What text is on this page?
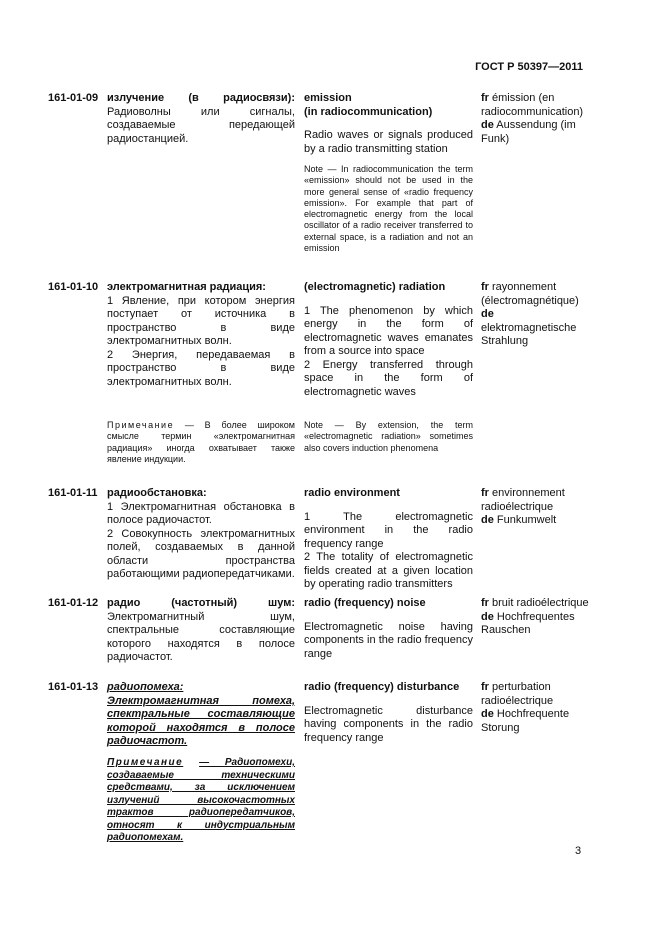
ГОСТ Р 50397—2011
161-01-09 излучение (в радиосвязи): Радиоволны или сигналы, создаваемые передающей радиостанцией.
emission
(in radiocommunication)
Radio waves or signals produced by a radio transmitting station
Note — In radiocommunication the term «emission» should not be used in the more general sense of «radio frequency emission». For example that part of electromagnetic energy from the local oscillator of a radio receiver transferred to external space, is a radiation and not an emission
fr émission (en radiocommunication)
de Aussendung (im Funk)
161-01-10 электромагнитная радиация:
1 Явление, при котором энергия поступает от источника в пространство в виде электромагнитных волн.
2 Энергия, передаваемая в пространство в виде электромагнитных волн.
(electromagnetic) radiation
1 The phenomenon by which energy in the form of electromagnetic waves emanates from a source into space
2 Energy transferred through space in the form of electromagnetic waves
fr rayonnement (électromagnétique)
de elektromagnetische Strahlung
Примечание — В более широком смысле термин «электромагнитная радиация» иногда охватывает также явление индукции.
Note — By extension, the term «electromagnetic radiation» sometimes also covers induction phenomena
161-01-11 радиообстановка:
1 Электромагнитная обстановка в полосе радиочастот.
2 Совокупность электромагнитных полей, создаваемых в данной области пространства работающими радиопередатчиками.
radio environment
1 The electromagnetic environment in the radio frequency range
2 The totality of electromagnetic fields created at a given location by operating radio transmitters
fr environnement radioélectrique
de Funkumwelt
161-01-12 радио (частотный) шум: Электромагнитный шум, спектральные составляющие которого находятся в полосе радиочастот.
radio (frequency) noise
Electromagnetic noise having components in the radio frequency range
fr bruit radioélectrique
de Hochfrequentes Rauschen
161-01-13 радиопомеха: Электромагнитная помеха, спектральные составляющие которой находятся в полосе радиочастот.
radio (frequency) disturbance
Electromagnetic disturbance having components in the radio frequency range
fr perturbation radioélectrique
de Hochfrequente Storung
Примечание — Радиопомехи, создаваемые техническими средствами, за исключением излучений высокочастотных трактов радиопередатчиков, относят к индустриальным радиопомехам.
3
